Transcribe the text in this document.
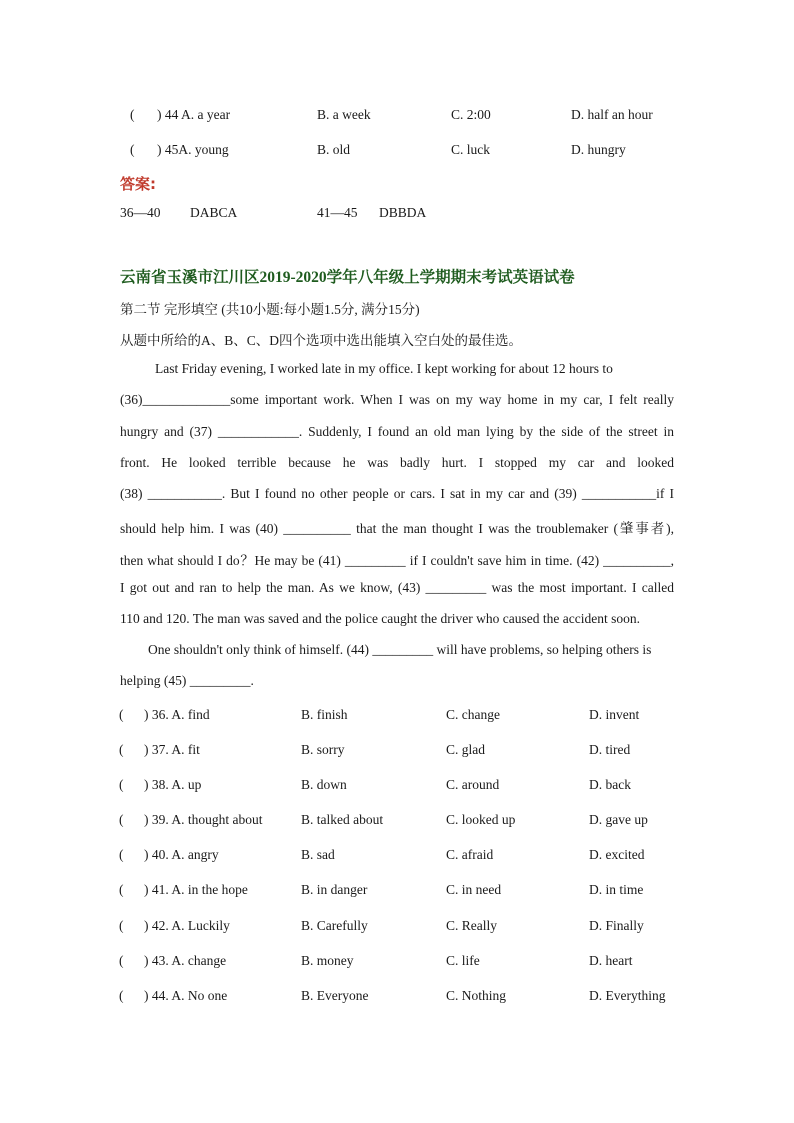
( ) 44 A. a year	B. a week	C. 2:00	D. half an hour
( ) 45A. young	B. old	C. luck	D. hungry
答案:
36—40 DABCA	41—45 DBBDA
云南省玉溪市江川区2019-2020学年八年级上学期期末考试英语试卷
第二节 完形填空 (共10小题:每小题1.5分, 满分15分)
从题中所给的A、B、C、D四个选项中选出能填入空白处的最佳选。
Last Friday evening, I worked late in my office. I kept working for about 12 hours to
(36)_____________some important work. When I was on my way home in my car, I felt really
hungry and (37) ____________. Suddenly, I found an old man lying by the side of the street in
front. He looked terrible because he was badly hurt. I stopped my car and looked
(38) ___________. But I found no other people or cars. I sat in my car and (39) ___________if I
should help him. I was (40) __________ that the man thought I was the troublemaker (肇事者),
then what should I do？He may be (41) _________ if I couldn't save him in time. (42) __________,
I got out and ran to help the man. As we know, (43) _________ was the most important. I called
110 and 120. The man was saved and the police caught the driver who caused the accident soon.
One shouldn't only think of himself. (44) _________ will have problems, so helping others is
helping (45) _________.
( ) 36. A. find	B. finish	C. change	D. invent
( ) 37. A. fit	B. sorry	C. glad	D. tired
( ) 38. A. up	B. down	C. around	D. back
( ) 39. A. thought about	B. talked about	C. looked up	D. gave up
( ) 40. A. angry	B. sad	C. afraid	D. excited
( ) 41. A. in the hope	B. in danger	C. in need	D. in time
( ) 42. A. Luckily	B. Carefully	C. Really	D. Finally
( ) 43. A. change	B. money	C. life	D. heart
( ) 44. A. No one	B. Everyone	C. Nothing	D. Everything
